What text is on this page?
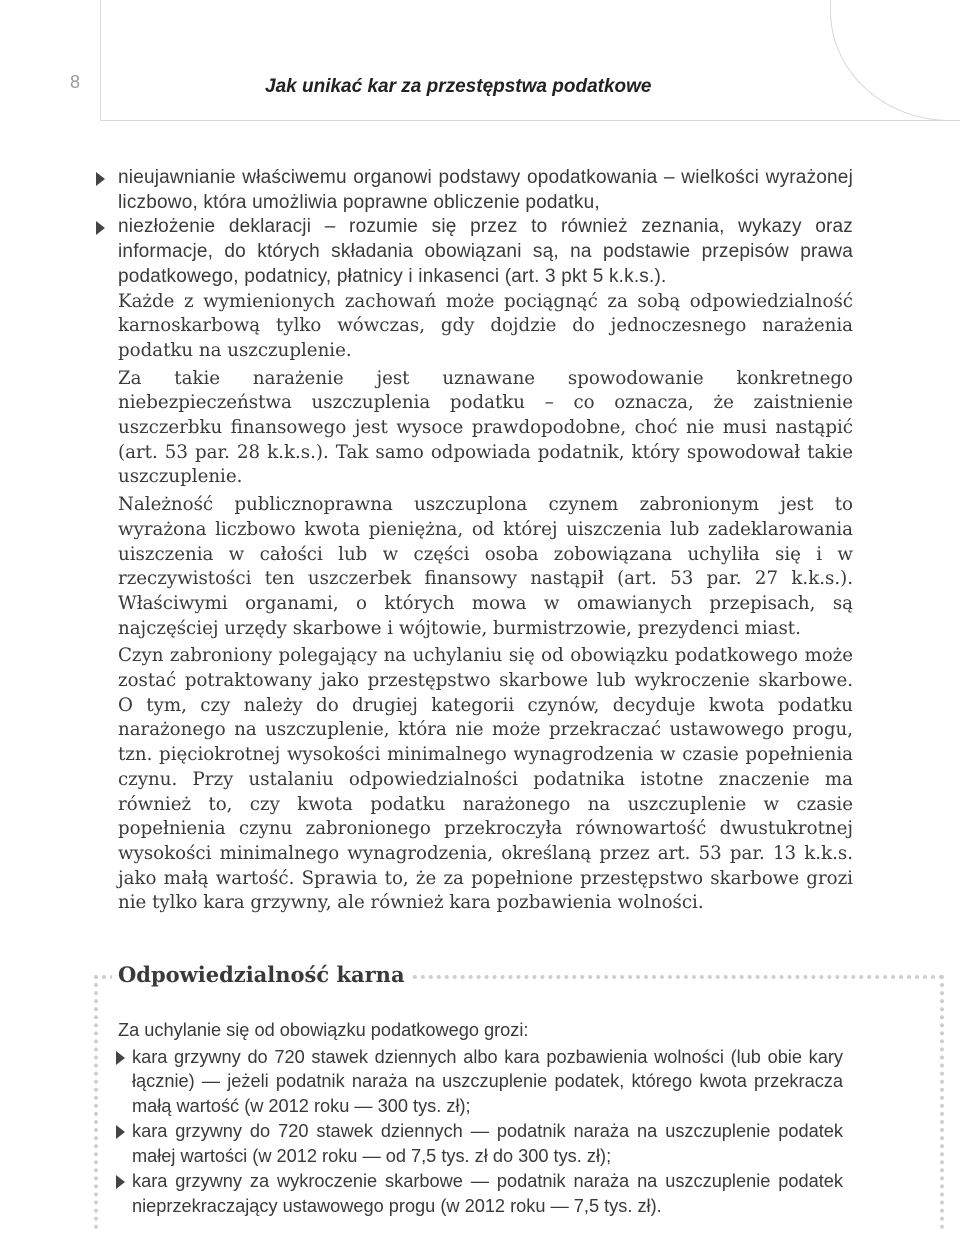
8	Jak unikać kar za przestępstwa podatkowe
nieujawnianie właściwemu organowi podstawy opodatkowania – wielkości wyrażonej liczbowo, która umożliwia poprawne obliczenie podatku,
niezłożenie deklaracji – rozumie się przez to również zeznania, wykazy oraz informacje, do których składania obowiązani są, na podstawie przepisów prawa podatkowego, podatnicy, płatnicy i inkasenci (art. 3 pkt 5 k.k.s.).

Każde z wymienionych zachowań może pociągnąć za sobą odpowiedzialność karnoskarbową tylko wówczas, gdy dojdzie do jednoczesnego narażenia podatku na uszczuplenie.

Za takie narażenie jest uznawane spowodowanie konkretnego niebezpieczeństwa uszczuplenia podatku – co oznacza, że zaistnienie uszczerbku finansowego jest wysoce prawdopodobne, choć nie musi nastąpić (art. 53 par. 28 k.k.s.). Tak samo odpowiada podatnik, który spowodował takie uszczuplenie.

Należność publicznoprawna uszczuplona czynem zabronionym jest to wyrażona liczbowo kwota pieniężna, od której uiszczenia lub zadeklarowania uiszczenia w całości lub w części osoba zobowiązana uchyliła się i w rzeczywistości ten uszczerbek finansowy nastąpił (art. 53 par. 27 k.k.s.). Właściwymi organami, o których mowa w omawianych przepisach, są najczęściej urzędy skarbowe i wójtowie, burmistrzowie, prezydenci miast.

Czyn zabroniony polegający na uchylaniu się od obowiązku podatkowego może zostać potraktowany jako przestępstwo skarbowe lub wykroczenie skarbowe. O tym, czy należy do drugiej kategorii czynów, decyduje kwota podatku narażonego na uszczuplenie, która nie może przekraczać ustawowego progu, tzn. pięciokrotnej wysokości minimalnego wynagrodzenia w czasie popełnienia czynu. Przy ustalaniu odpowiedzialności podatnika istotne znaczenie ma również to, czy kwota podatku narażonego na uszczuplenie w czasie popełnienia czynu zabronionego przekroczyła równowartość dwustukrotnej wysokości minimalnego wynagrodzenia, określaną przez art. 53 par. 13 k.k.s. jako małą wartość. Sprawia to, że za popełnione przestępstwo skarbowe grozi nie tylko kara grzywny, ale również kara pozbawienia wolności.

Odpowiedzialność karna

Za uchylanie się od obowiązku podatkowego grozi:

kara grzywny do 720 stawek dziennych albo kara pozbawienia wolności (lub obie kary łącznie) — jeżeli podatnik naraża na uszczuplenie podatek, którego kwota przekracza małą wartość (w 2012 roku — 300 tys. zł);
kara grzywny do 720 stawek dziennych — podatnik naraża na uszczuplenie podatek małej wartości (w 2012 roku — od 7,5 tys. zł do 300 tys. zł);
kara grzywny za wykroczenie skarbowe — podatnik naraża na uszczuplenie podatek nieprzekraczający ustawowego progu (w 2012 roku — 7,5 tys. zł).
